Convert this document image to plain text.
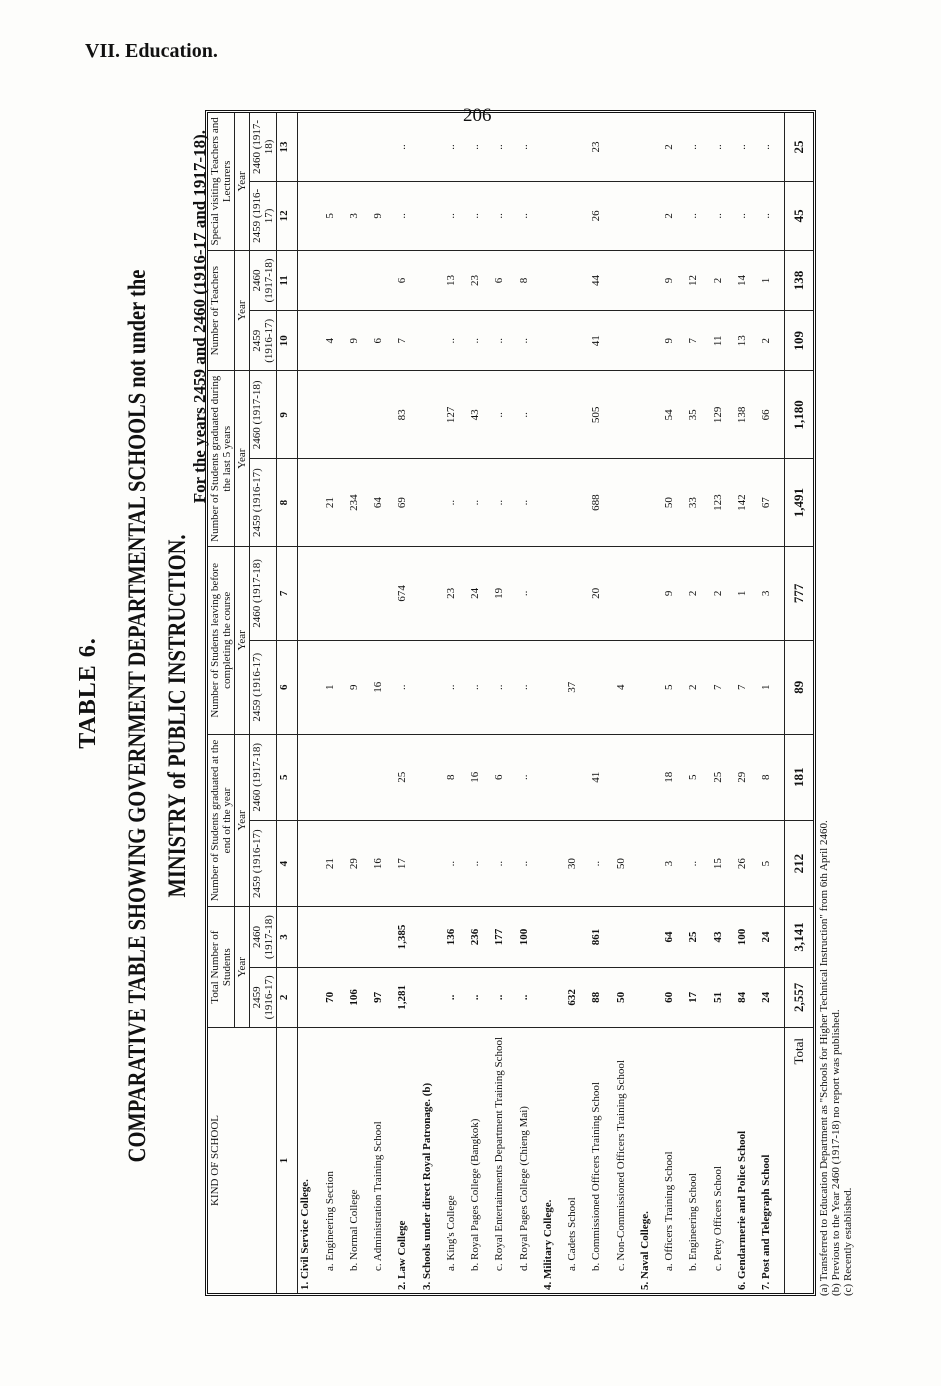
VII. Education.
206
TABLE 6. COMPARATIVE TABLE SHOWING GOVERNMENT DEPARTMENTAL SCHOOLS not under the MINISTRY of PUBLIC INSTRUCTION.
For the years 2459 and 2460 (1916-17 and 1917-18).
KIND OF SCHOOL	Total Number of Students		Number of Students graduated at the end of the year		Number of Students leaving before completing the course		Number of Students graduated during the last 5 years		Number of Teachers		Special visiting Teachers and Lecturers	
	Year		Year		Year		Year		Year		Year	
	2459 (1916-17)	2460 (1917-18)	2459 (1916-17)	2460 (1917-18)	2459 (1916-17)	2460 (1917-18)	2459 (1916-17)	2460 (1917-18)	2459 (1916-17)	2460 (1917-18)	2459 (1916-17)	2460 (1917-18)
1	2	3	4	5	6	7	8	9	10	11	12	13
1. Civil Service College.												
a. Engineering Section	70		21		1		21		4		5	
b. Normal College	106		29		9		234		9		3	
c. Administration Training School	97		16		16		64		6		9	
2. Law College	1,281	1,385	17	25	..	674	69	83	7	6	..	..
3. Schools under direct Royal Patronage. (b)												
a. King's College	..	136	..	8	..	23	..	127	..	13	..	..
b. Royal Pages College (Bangkok)	..	236	..	16	..	24	..	43	..	23	..	..
c. Royal Entertainments Department Training School	..	177	..	6	..	19	..	..	..	6	..	..
d. Royal Pages College (Chieng Mai)	..	100	..	..	..	..	..	..	..	8	..	..
4. Military College.												
a. Cadets School	632		30		37							
b. Commissioned Officers Training School	88	861	..	41		20	688	505	41	44	26	23
c. Non-Commissioned Officers Training School	50		50		4							
5. Naval College.												
a. Officers Training School	60	64	3	18	5	9	50	54	9	9	2	2
b. Engineering School	17	25	..	5	2	2	33	35	7	12	..	..
c. Petty Officers School	51	43	15	25	7	2	123	129	11	2	..	..
6. Gendarmerie and Police School	84	100	26	29	7	1	142	138	13	14	..	..
7. Post and Telegraph School	24	24	5	8	1	3	67	66	2	1	..	..
Total	2,557	3,141	212	181	89	777	1,491	1,180	109	138	45	25
(a) Transferred to Education Department as "Schools for Higher Technical Instruction" from 6th April 2460. (b) Previous to the Year 2460 (1917-18) no report was published. (c) Recently established.
